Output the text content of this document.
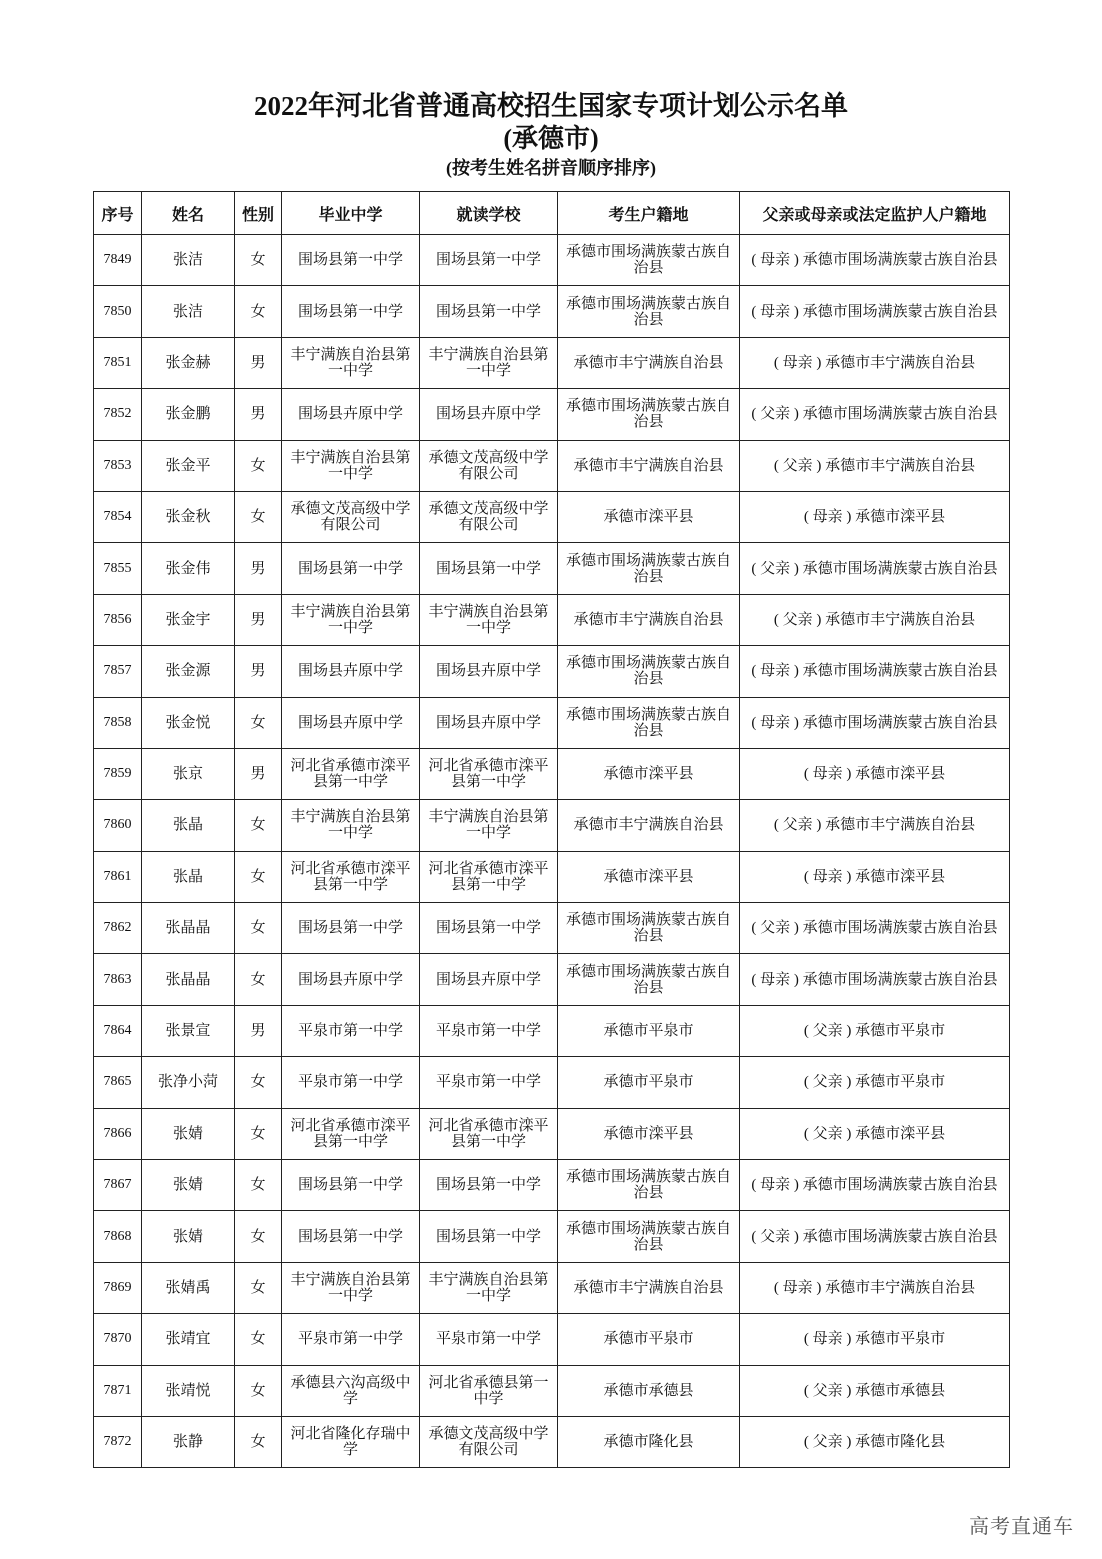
2022年河北省普通高校招生国家专项计划公示名单
(承德市)
(按考生姓名拼音顺序排序)
序号	姓名	性别	毕业中学	就读学校	考生户籍地	父亲或母亲或法定监护人户籍地
7849	张洁	女	围场县第一中学	围场县第一中学	承德市围场满族蒙古族自治县	( 母亲 ) 承德市围场满族蒙古族自治县
7850	张洁	女	围场县第一中学	围场县第一中学	承德市围场满族蒙古族自治县	( 母亲 ) 承德市围场满族蒙古族自治县
7851	张金赫	男	丰宁满族自治县第一中学	丰宁满族自治县第一中学	承德市丰宁满族自治县	( 母亲 ) 承德市丰宁满族自治县
7852	张金鹏	男	围场县卉原中学	围场县卉原中学	承德市围场满族蒙古族自治县	( 父亲 ) 承德市围场满族蒙古族自治县
7853	张金平	女	丰宁满族自治县第一中学	承德文茂高级中学有限公司	承德市丰宁满族自治县	( 父亲 ) 承德市丰宁满族自治县
7854	张金秋	女	承德文茂高级中学有限公司	承德文茂高级中学有限公司	承德市滦平县	( 母亲 ) 承德市滦平县
7855	张金伟	男	围场县第一中学	围场县第一中学	承德市围场满族蒙古族自治县	( 父亲 ) 承德市围场满族蒙古族自治县
7856	张金宇	男	丰宁满族自治县第一中学	丰宁满族自治县第一中学	承德市丰宁满族自治县	( 父亲 ) 承德市丰宁满族自治县
7857	张金源	男	围场县卉原中学	围场县卉原中学	承德市围场满族蒙古族自治县	( 母亲 ) 承德市围场满族蒙古族自治县
7858	张金悦	女	围场县卉原中学	围场县卉原中学	承德市围场满族蒙古族自治县	( 母亲 ) 承德市围场满族蒙古族自治县
7859	张京	男	河北省承德市滦平县第一中学	河北省承德市滦平县第一中学	承德市滦平县	( 母亲 ) 承德市滦平县
7860	张晶	女	丰宁满族自治县第一中学	丰宁满族自治县第一中学	承德市丰宁满族自治县	( 父亲 ) 承德市丰宁满族自治县
7861	张晶	女	河北省承德市滦平县第一中学	河北省承德市滦平县第一中学	承德市滦平县	( 母亲 ) 承德市滦平县
7862	张晶晶	女	围场县第一中学	围场县第一中学	承德市围场满族蒙古族自治县	( 父亲 ) 承德市围场满族蒙古族自治县
7863	张晶晶	女	围场县卉原中学	围场县卉原中学	承德市围场满族蒙古族自治县	( 母亲 ) 承德市围场满族蒙古族自治县
7864	张景宣	男	平泉市第一中学	平泉市第一中学	承德市平泉市	( 父亲 ) 承德市平泉市
7865	张净小菏	女	平泉市第一中学	平泉市第一中学	承德市平泉市	( 父亲 ) 承德市平泉市
7866	张婧	女	河北省承德市滦平县第一中学	河北省承德市滦平县第一中学	承德市滦平县	( 父亲 ) 承德市滦平县
7867	张婧	女	围场县第一中学	围场县第一中学	承德市围场满族蒙古族自治县	( 母亲 ) 承德市围场满族蒙古族自治县
7868	张婧	女	围场县第一中学	围场县第一中学	承德市围场满族蒙古族自治县	( 父亲 ) 承德市围场满族蒙古族自治县
7869	张婧禹	女	丰宁满族自治县第一中学	丰宁满族自治县第一中学	承德市丰宁满族自治县	( 母亲 ) 承德市丰宁满族自治县
7870	张靖宜	女	平泉市第一中学	平泉市第一中学	承德市平泉市	( 母亲 ) 承德市平泉市
7871	张靖悦	女	承德县六沟高级中学	河北省承德县第一中学	承德市承德县	( 父亲 ) 承德市承德县
7872	张静	女	河北省隆化存瑞中学	承德文茂高级中学有限公司	承德市隆化县	( 父亲 ) 承德市隆化县
高考直通车
